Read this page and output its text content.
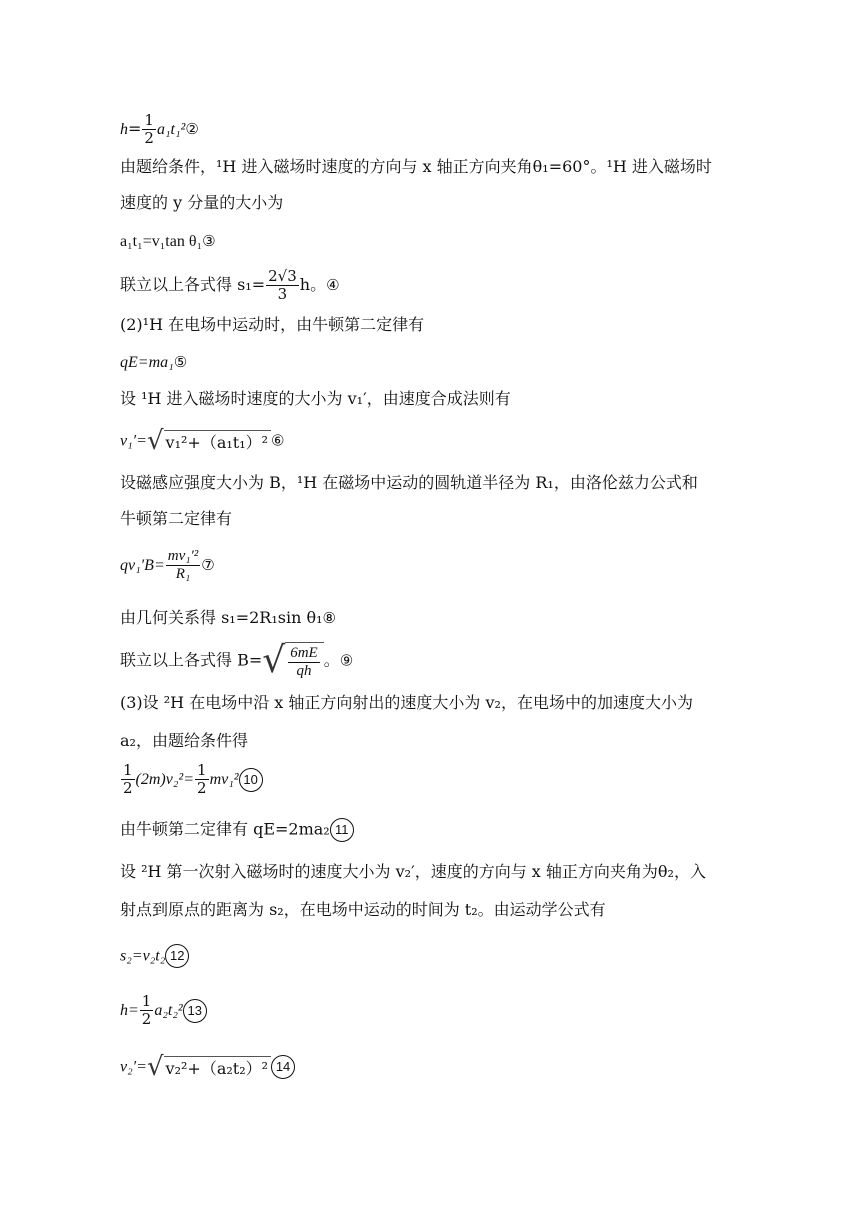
$h= \frac{1}{2}$ a₁t₁²②
由题给条件，¹H 进入磁场时速度的方向与 x 轴正方向夹角θ₁=60°。¹H 进入磁场时
速度的 y 分量的大小为
a₁t₁=v₁tan θ₁③
联立以上各式得 $s_1= \frac{2√3}{3}$ h。④
(2)¹H 在电场中运动时，由牛顿第二定律有
qE=ma₁⑤
设 ¹H 进入磁场时速度的大小为 v₁′，由速度合成法则有
v₁′=√ v₁²+（a₁t₁）² ⑥
设磁感应强度大小为 B，¹H 在磁场中运动的圆轨道半径为 R₁，由洛伦兹力公式和
牛顿第二定律有
$qv_1'B= \frac{\text{mv₁′²}}{\text{R₁}}$ ⑦
由几何关系得 s₁=2R₁sin θ₁⑧
联立以上各式得 $B=√ \frac{6mE}{qh}$ 。⑨
(3)设 ²H 在电场中沿 x 轴正方向射出的速度大小为 v₂，在电场中的加速度大小为
a₂，由题给条件得
$\frac{1}{2} (2m)v_2^2= \frac{1}{2} mv_1^2$ 10
由牛顿第二定律有 qE=2ma₂ 11
设 ²H 第一次射入磁场时的速度大小为 v₂′，速度的方向与 x 轴正方向夹角为θ₂，入
射点到原点的距离为 s₂，在电场中运动的时间为 t₂。由运动学公式有
s₂=v₂t₂ 12
$h= \frac{1}{2} a_2t_2^2$ 13
v₂′=√ v₂²+（a₂t₂）² 14
